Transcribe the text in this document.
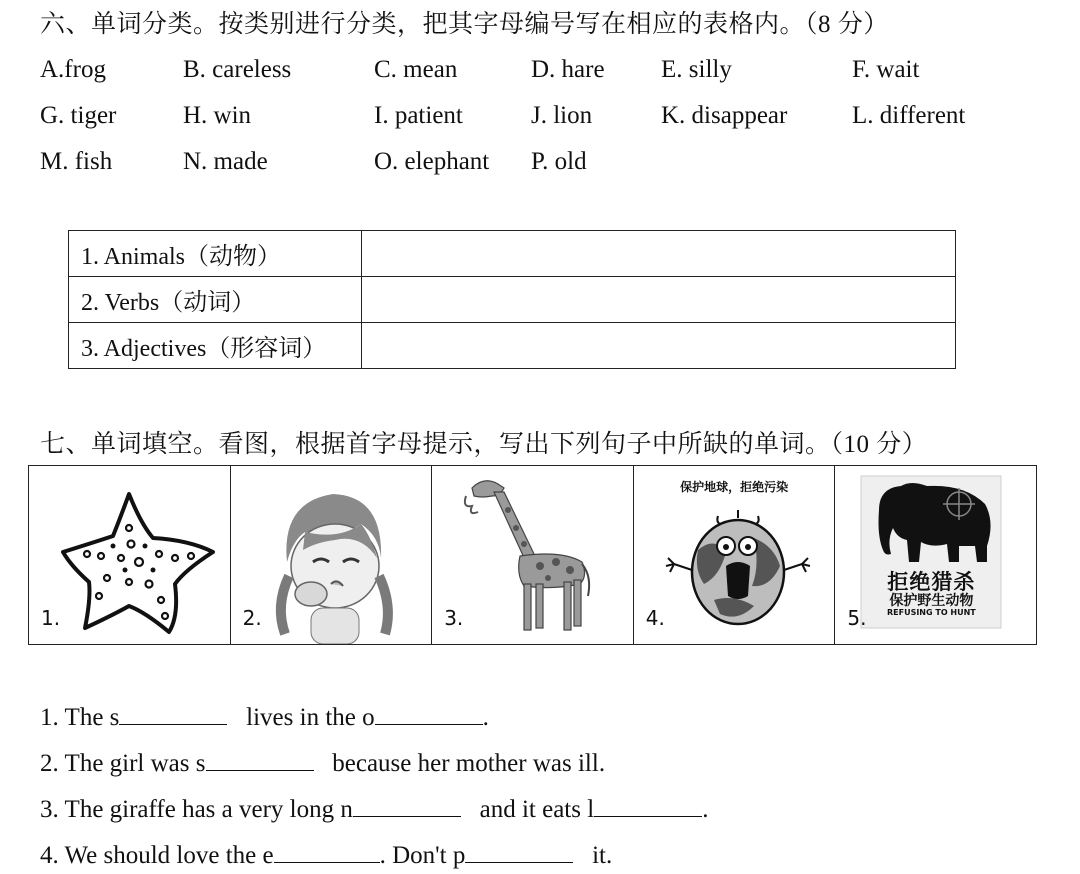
六、单词分类。按类别进行分类，把其字母编号写在相应的表格内。（8 分）
A.frog	B. careless	C. mean	D. hare E. silly	F. wait
G. tiger	H. win	I. patient	J. lion	K. disappear	L. different
M. fish	N. made	O. elephant P. old
1. Animals（动物）	
2. Verbs（动词）	
3. Adjectives（形容词）	
七、单词填空。看图，根据首字母提示，写出下列句子中所缺的单词。（10 分）
1.	2.	3.
保护地球，拒绝污染
4.
拒绝猎杀
保护野生动物
REFUSING TO HUNT
5.
1. The s	lives in the o	.
2. The girl was s	because her mother was ill.
3. The giraffe has a very long n	and it eats l	.
4. We should love the e	. Don't p	it.
